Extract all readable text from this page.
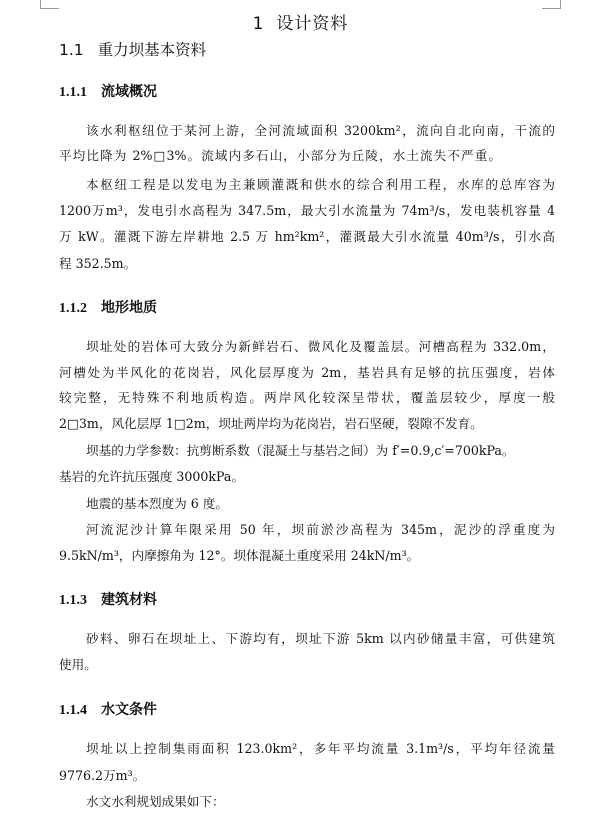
1 设计资料
1.1 重力坝基本资料
1.1.1 流域概况
该水利枢纽位于某河上游，全河流域面积 3200km²，流向自北向南，干流的
平均比降为 2%□3%。流域内多石山，小部分为丘陵，水土流失不严重。
本枢纽工程是以发电为主兼顾灌溉和供水的综合利用工程，水库的总库容为
1200万m³，发电引水高程为 347.5m，最大引水流量为 74m³/s，发电装机容量 4
万 kW。灌溉下游左岸耕地 2.5 万 hm²km²，灌溉最大引水流量 40m³/s，引水高
程 352.5m。
1.1.2 地形地质
坝址处的岩体可大致分为新鲜岩石、微风化及覆盖层。河槽高程为 332.0m，
河槽处为半风化的花岗岩，风化层厚度为 2m，基岩具有足够的抗压强度，岩体
较完整，无特殊不利地质构造。两岸风化较深呈带状，覆盖层较少，厚度一般
2□3m，风化层厚 1□2m，坝址两岸均为花岗岩，岩石坚硬，裂隙不发育。
坝基的力学参数：抗剪断系数（混凝土与基岩之间）为 f′=0.9,c′=700kPa。
基岩的允许抗压强度 3000kPa。
地震的基本烈度为 6 度。
河流泥沙计算年限采用 50 年，坝前淤沙高程为 345m，泥沙的浮重度为
9.5kN/m³，内摩擦角为 12°。坝体混凝土重度采用 24kN/m³。
1.1.3 建筑材料
砂料、卵石在坝址上、下游均有，坝址下游 5km 以内砂储量丰富，可供建筑
使用。
1.1.4 水文条件
坝址以上控制集雨面积 123.0km²，多年平均流量 3.1m³/s，平均年径流量
9776.2万m³。
水文水利规划成果如下：
